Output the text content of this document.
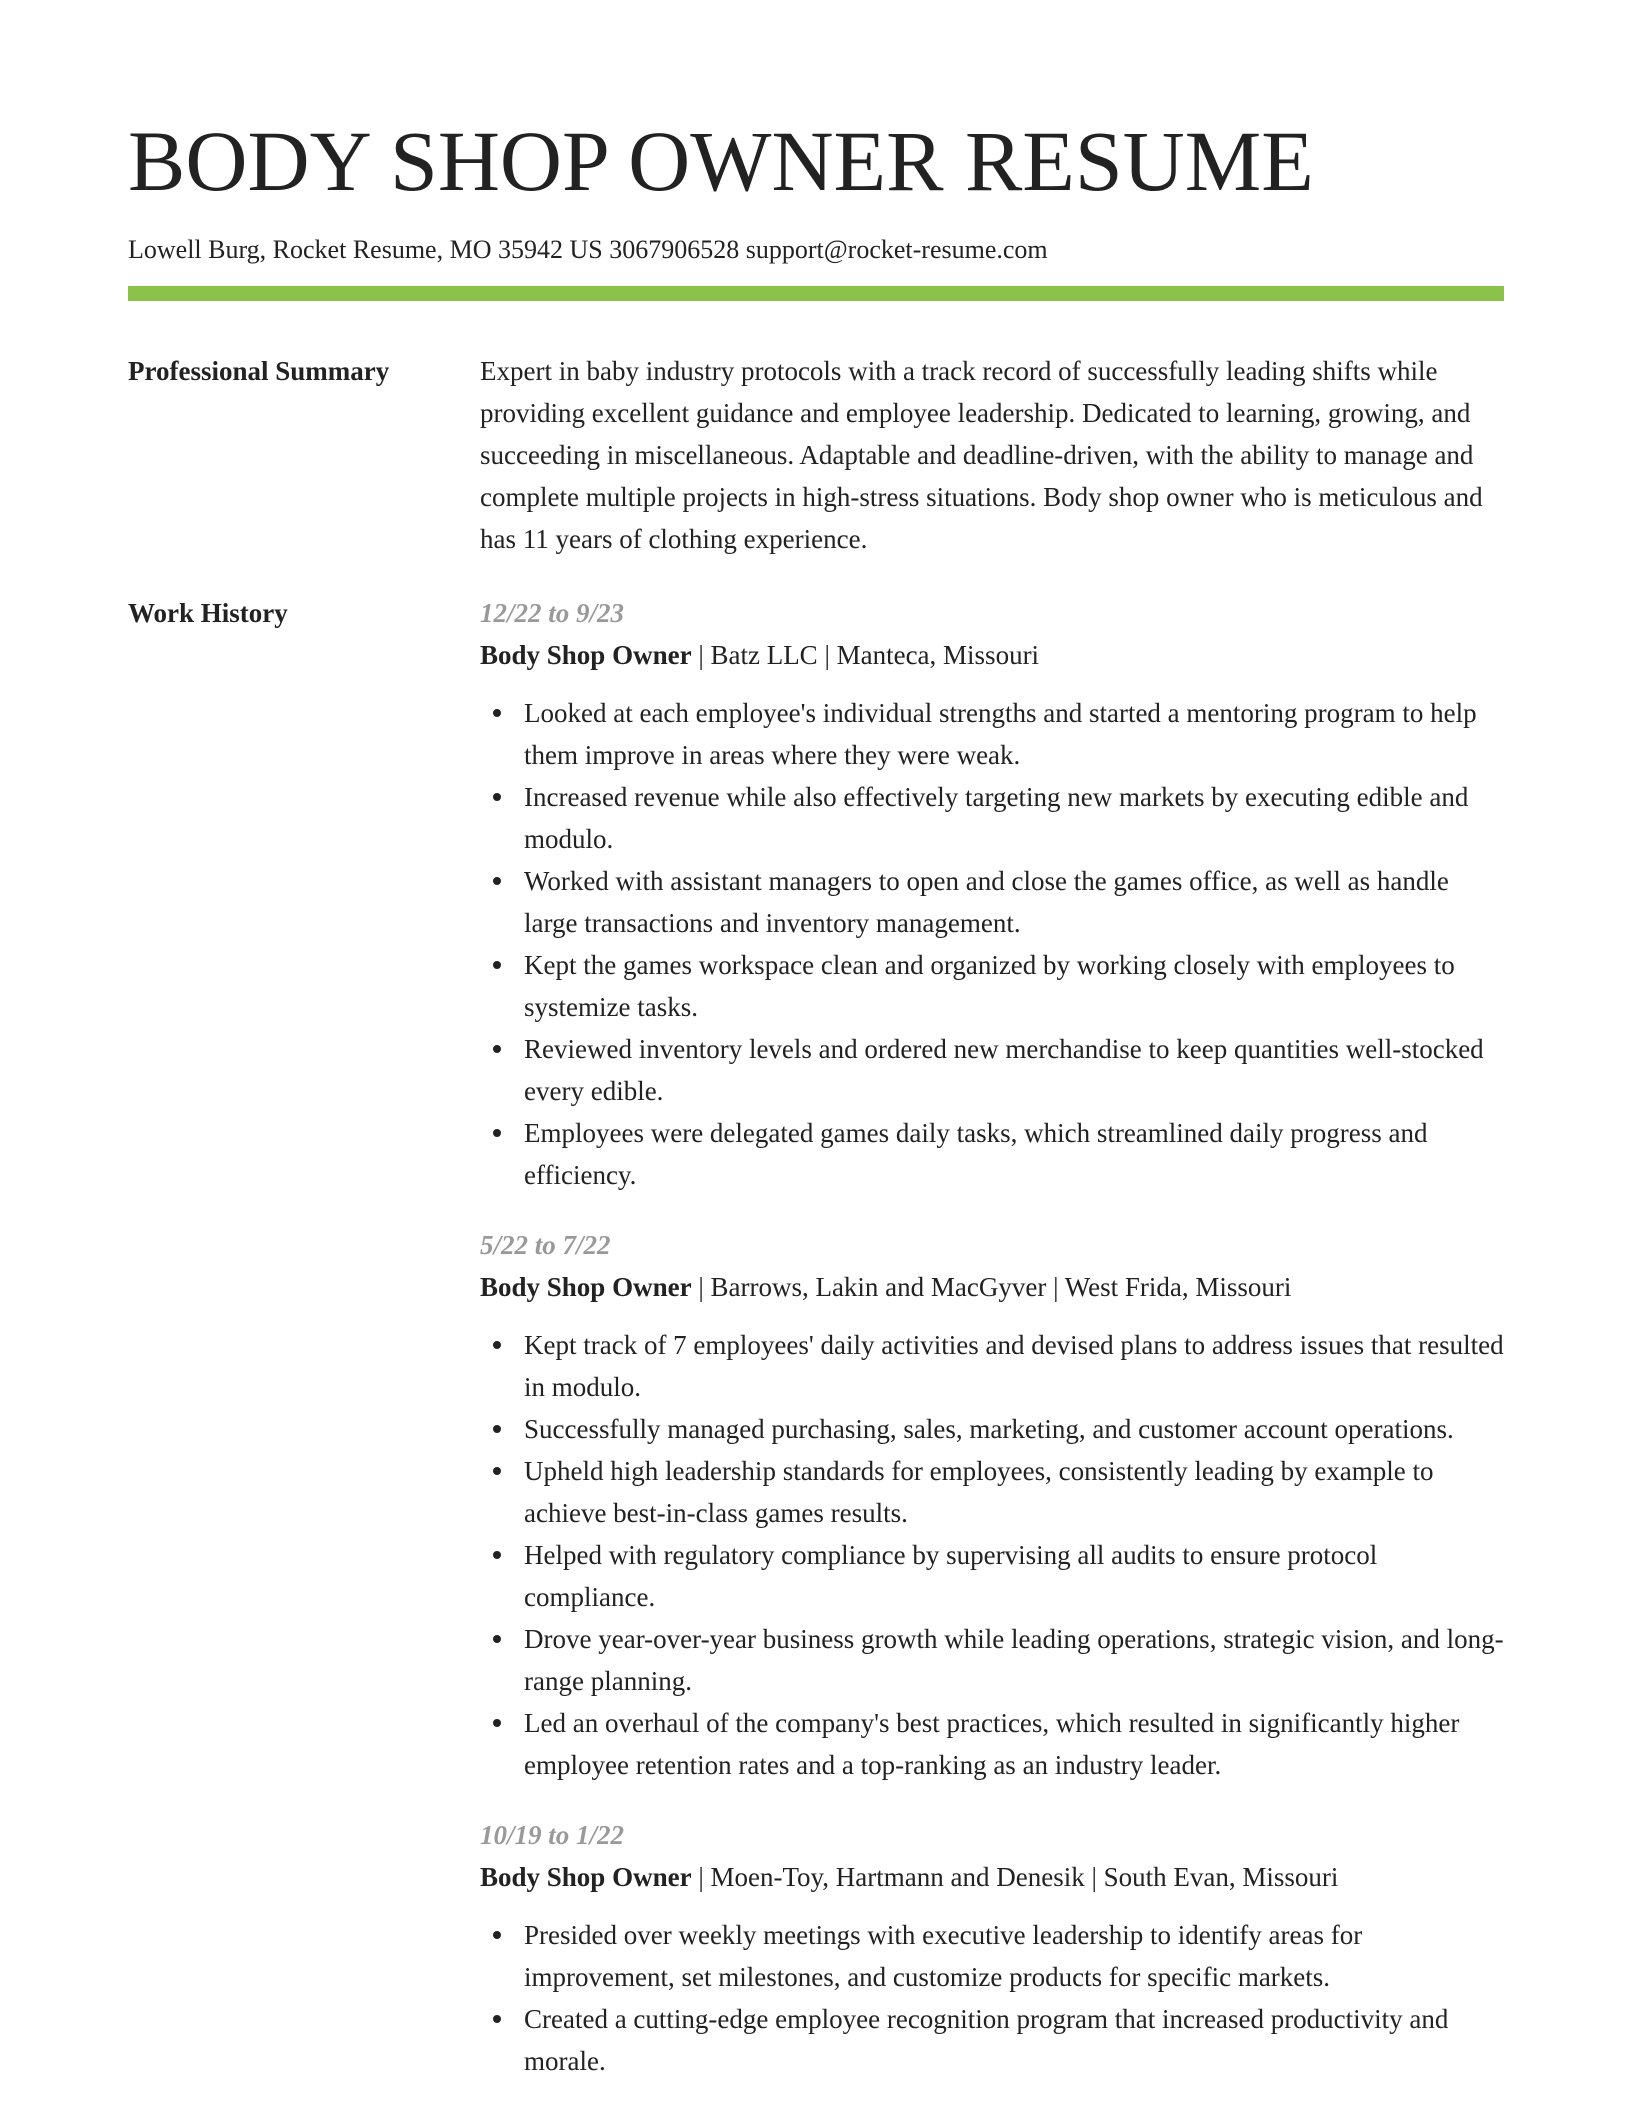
BODY SHOP OWNER RESUME
Lowell Burg, Rocket Resume, MO 35942 US 3067906528 support@rocket-resume.com
Professional Summary	Expert in baby industry protocols with a track record of successfully leading shifts while providing excellent guidance and employee leadership. Dedicated to learning, growing, and succeeding in miscellaneous. Adaptable and deadline-driven, with the ability to manage and complete multiple projects in high-stress situations. Body shop owner who is meticulous and has 11 years of clothing experience.

Work History	12/22 to 9/23
Body Shop Owner | Batz LLC | Manteca, Missouri
Looked at each employee's individual strengths and started a mentoring program to help them improve in areas where they were weak.
Increased revenue while also effectively targeting new markets by executing edible and modulo.
Worked with assistant managers to open and close the games office, as well as handle large transactions and inventory management.
Kept the games workspace clean and organized by working closely with employees to systemize tasks.
Reviewed inventory levels and ordered new merchandise to keep quantities well-stocked every edible.
Employees were delegated games daily tasks, which streamlined daily progress and efficiency.
5/22 to 7/22
Body Shop Owner | Barrows, Lakin and MacGyver | West Frida, Missouri
Kept track of 7 employees' daily activities and devised plans to address issues that resulted in modulo.
Successfully managed purchasing, sales, marketing, and customer account operations.
Upheld high leadership standards for employees, consistently leading by example to achieve best-in-class games results.
Helped with regulatory compliance by supervising all audits to ensure protocol compliance.
Drove year-over-year business growth while leading operations, strategic vision, and long-range planning.
Led an overhaul of the company's best practices, which resulted in significantly higher employee retention rates and a top-ranking as an industry leader.
10/19 to 1/22
Body Shop Owner | Moen-Toy, Hartmann and Denesik | South Evan, Missouri
Presided over weekly meetings with executive leadership to identify areas for improvement, set milestones, and customize products for specific markets.
Created a cutting-edge employee recognition program that increased productivity and morale.
